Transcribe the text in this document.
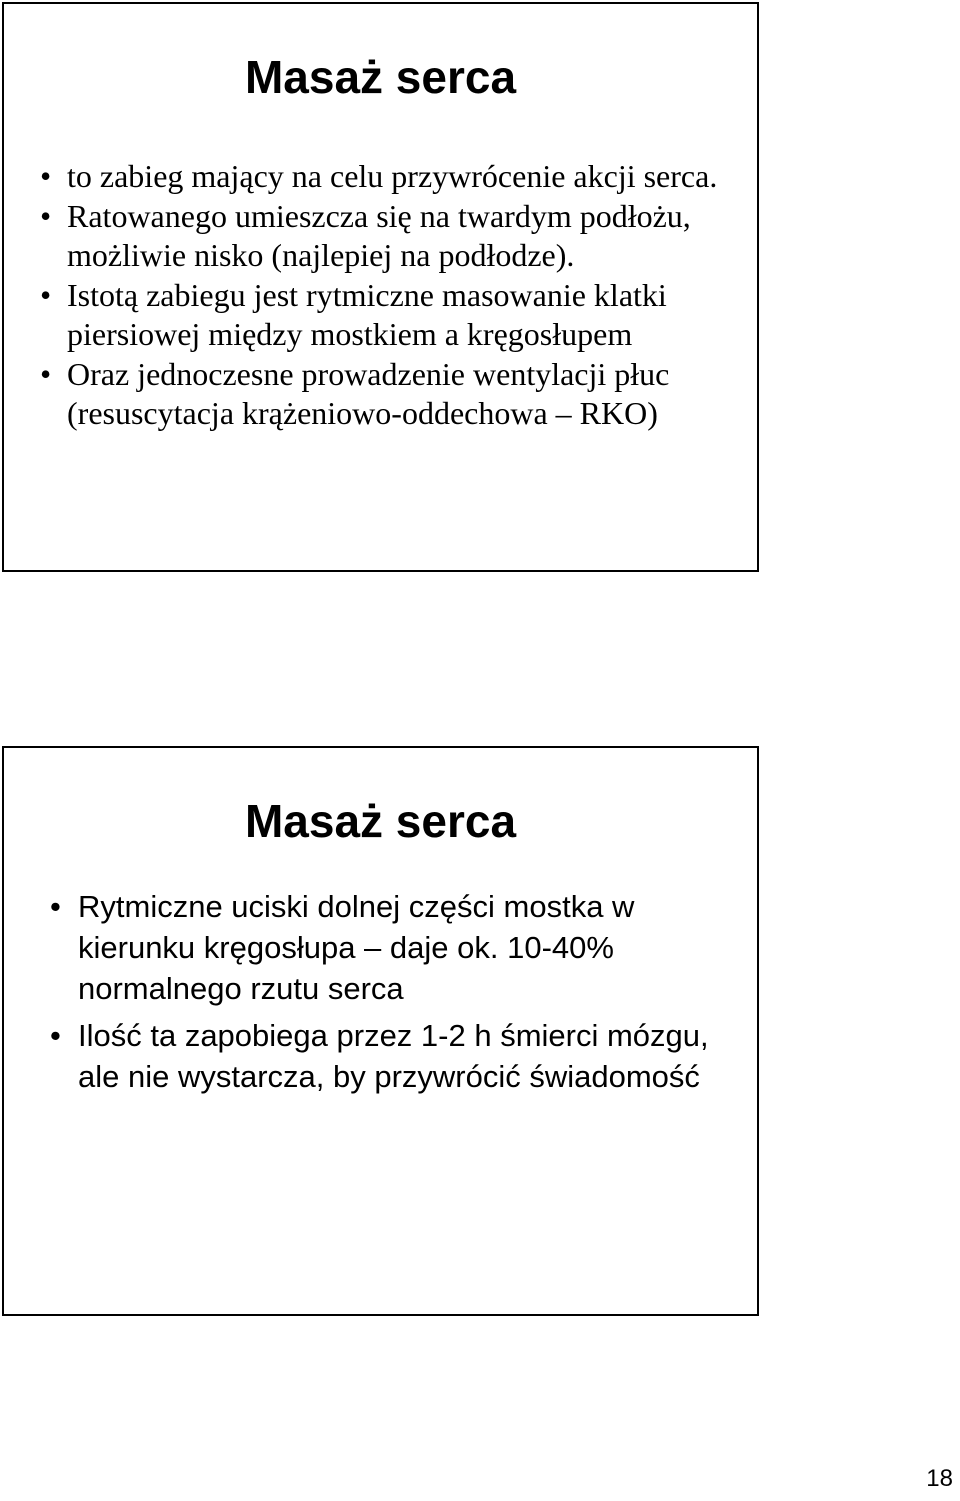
Masaż serca
• to zabieg mający na celu przywrócenie akcji serca.
• Ratowanego umieszcza się na twardym podłożu, możliwie nisko (najlepiej na podłodze).
• Istotą zabiegu jest rytmiczne masowanie klatki piersiowej między mostkiem a kręgosłupem
• Oraz jednoczesne prowadzenie wentylacji płuc (resuscytacja krążeniowo-oddechowa – RKO)
Masaż serca
• Rytmiczne uciski dolnej części mostka w kierunku kręgosłupa – daje ok. 10-40% normalnego rzutu serca
• Ilość ta zapobiega przez 1-2 h śmierci mózgu, ale nie wystarcza, by przywrócić świadomość
18
